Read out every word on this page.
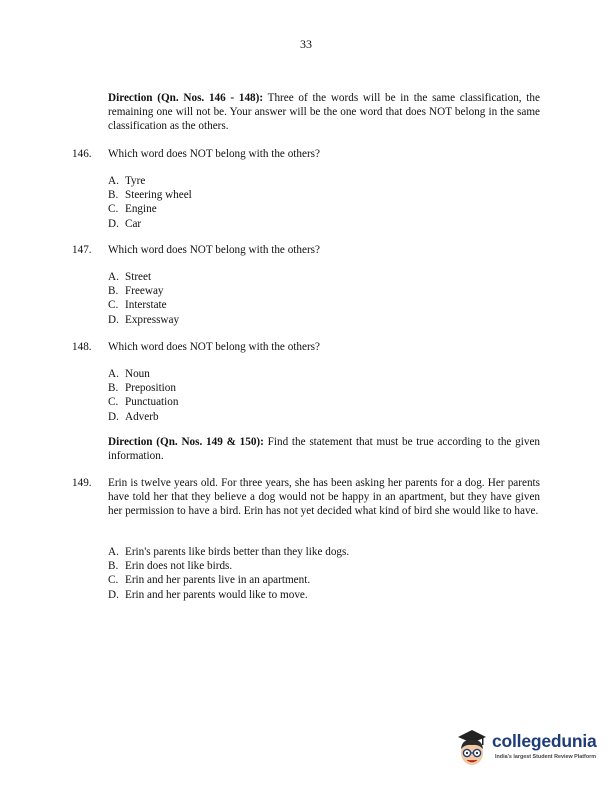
33
Direction (Qn. Nos. 146 - 148): Three of the words will be in the same classification, the remaining one will not be. Your answer will be the one word that does NOT belong in the same classification as the others.
146. Which word does NOT belong with the others?
A. Tyre
B. Steering wheel
C. Engine
D. Car
147. Which word does NOT belong with the others?
A. Street
B. Freeway
C. Interstate
D. Expressway
148. Which word does NOT belong with the others?
A. Noun
B. Preposition
C. Punctuation
D. Adverb
Direction (Qn. Nos. 149 & 150): Find the statement that must be true according to the given information.
149. Erin is twelve years old. For three years, she has been asking her parents for a dog. Her parents have told her that they believe a dog would not be happy in an apartment, but they have given her permission to have a bird. Erin has not yet decided what kind of bird she would like to have.
A. Erin's parents like birds better than they like dogs.
B. Erin does not like birds.
C. Erin and her parents live in an apartment.
D. Erin and her parents would like to move.
collegedunia
India's largest Student Review Platform
